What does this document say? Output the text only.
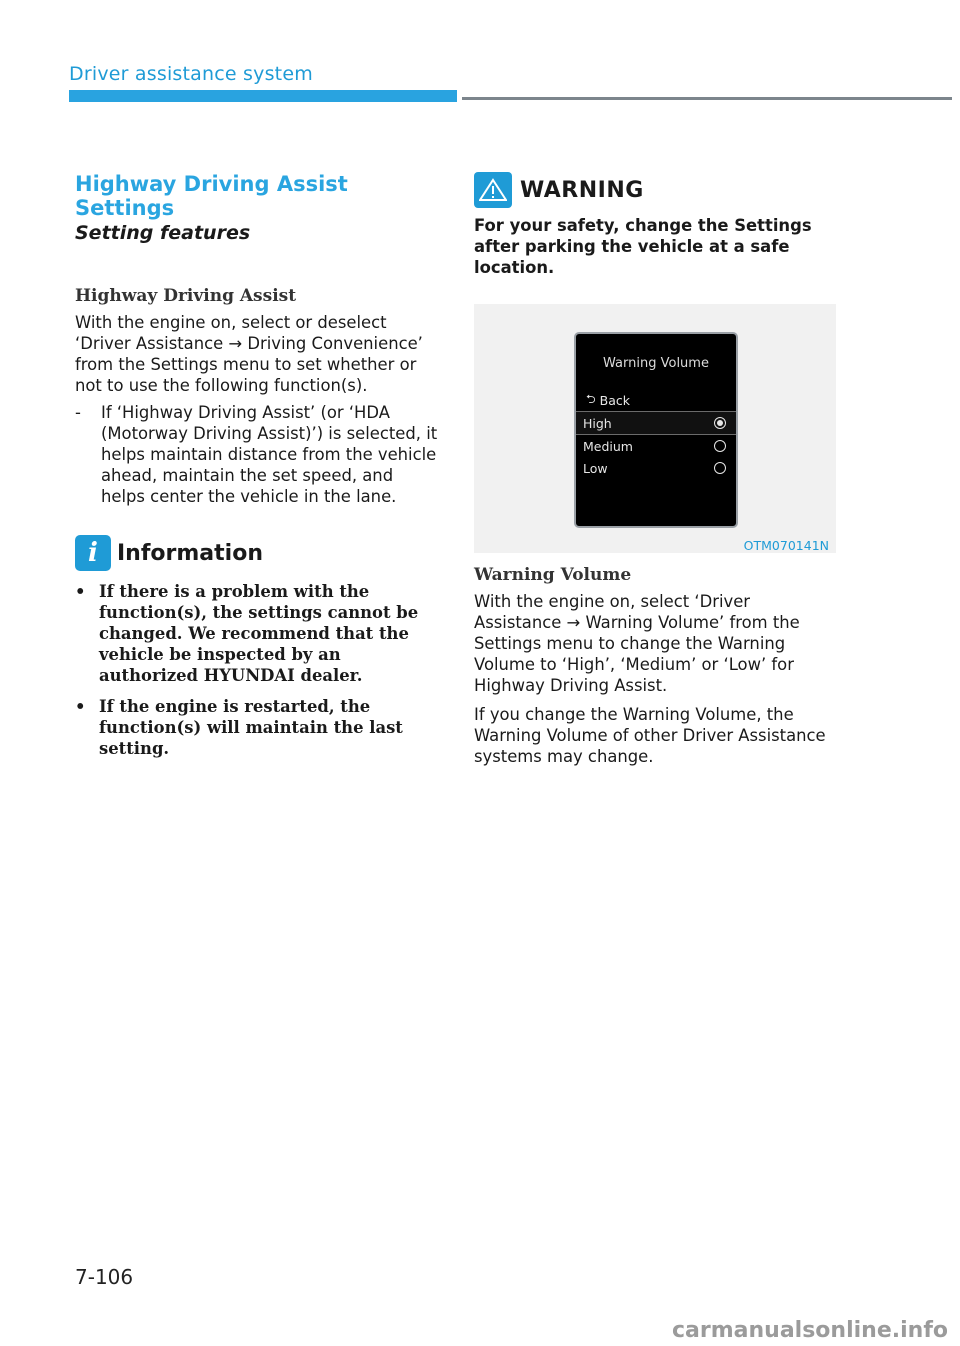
Driver assistance system
Highway Driving Assist Settings
Setting features
Highway Driving Assist

With the engine on, select or deselect ‘Driver Assistance → Driving Convenience’ from the Settings menu to set whether or not to use the following function(s).

-	If ‘Highway Driving Assist’ (or ‘HDA (Motorway Driving Assist)’) is selected, it helps maintain distance from the vehicle ahead, maintain the set speed, and helps center the vehicle in the lane.
i Information
• If there is a problem with the function(s), the settings cannot be changed. We recommend that the vehicle be inspected by an authorized HYUNDAI dealer.
• If the engine is restarted, the function(s) will maintain the last setting.
WARNING
For your safety, change the Settings after parking the vehicle at a safe location.
Warning Volume
⮌ Back
High
Medium
Low
OTM070141N
Warning Volume

With the engine on, select ‘Driver Assistance → Warning Volume’ from the Settings menu to change the Warning Volume to ‘High’, ‘Medium’ or ‘Low’ for Highway Driving Assist.

If you change the Warning Volume, the Warning Volume of other Driver Assistance systems may change.

7-106
carmanualsonline.info
